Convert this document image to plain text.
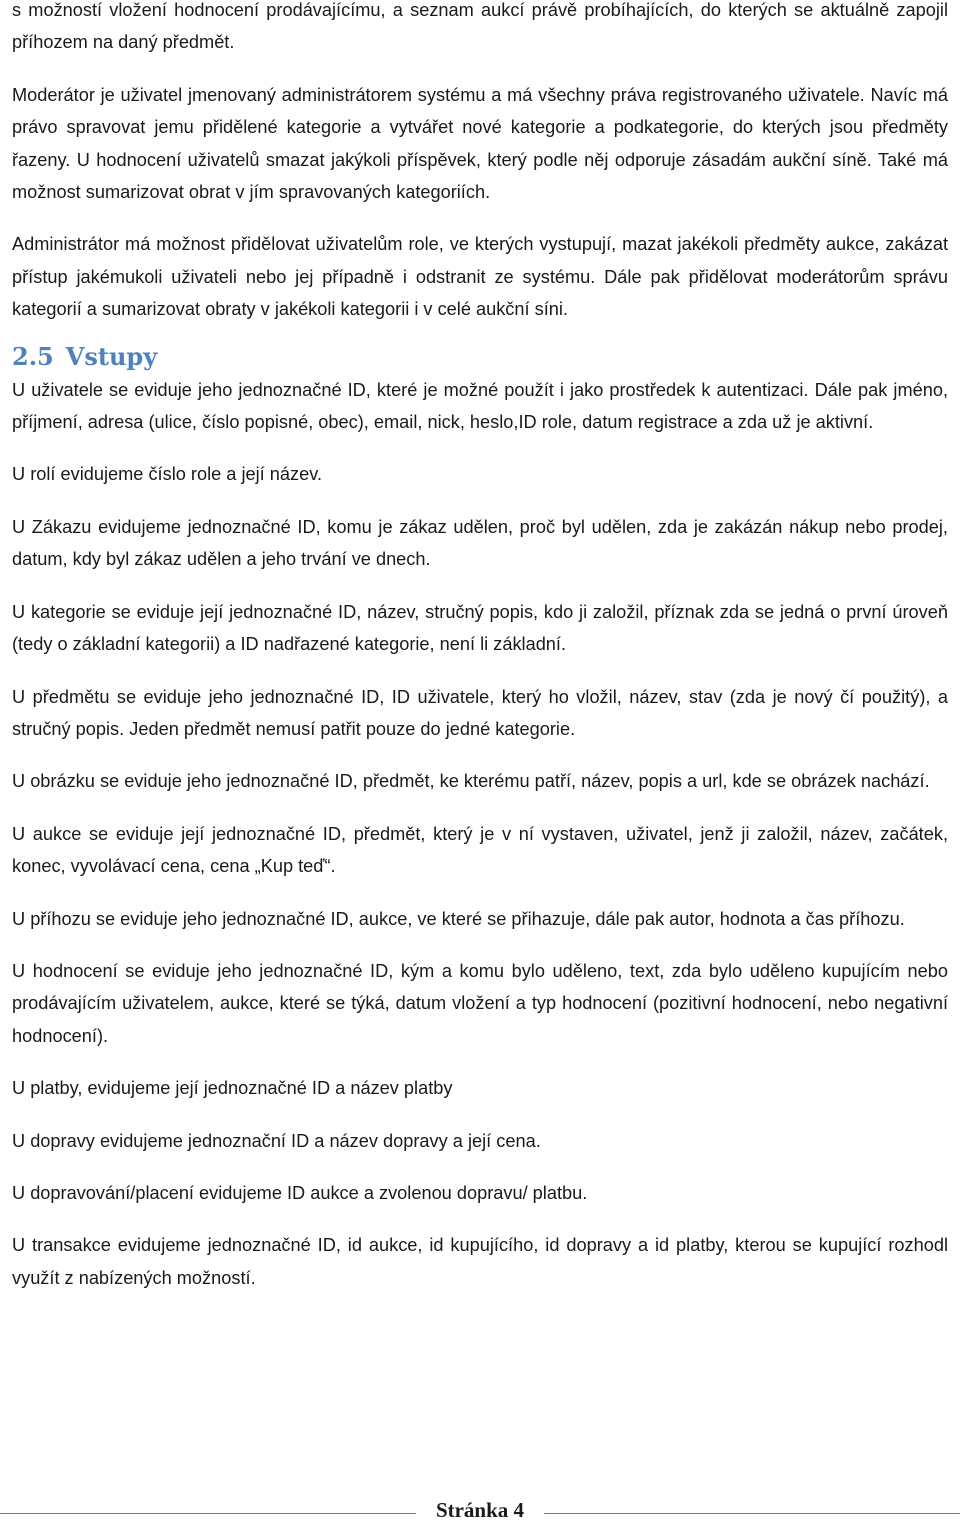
s možností vložení hodnocení prodávajícímu, a seznam aukcí právě probíhajících, do kterých se aktuálně zapojil příhozem na daný předmět.

Moderátor je uživatel jmenovaný administrátorem systému a má všechny práva registrovaného uživatele. Navíc má právo spravovat jemu přidělené kategorie a vytvářet nové kategorie a podkategorie, do kterých jsou předměty řazeny. U hodnocení uživatelů smazat jakýkoli příspěvek, který podle něj odporuje zásadám aukční síně. Také má možnost sumarizovat obrat v jím spravovaných kategoriích.

Administrátor má možnost přidělovat uživatelům role, ve kterých vystupují, mazat jakékoli předměty aukce, zakázat přístup jakémukoli uživateli nebo jej případně i odstranit ze systému. Dále pak přidělovat moderátorům správu kategorií a sumarizovat obraty v jakékoli kategorii i v celé aukční síni.

2.5 Vstupy

U uživatele se eviduje jeho jednoznačné ID, které je možné použít i jako prostředek k autentizaci. Dále pak jméno, příjmení, adresa (ulice, číslo popisné, obec), email, nick, heslo,ID role, datum registrace a zda už je aktivní.

U rolí evidujeme číslo role a její název.

U Zákazu evidujeme jednoznačné ID, komu je zákaz udělen, proč byl udělen, zda je zakázán nákup nebo prodej, datum, kdy byl zákaz udělen a jeho trvání ve dnech.

U kategorie se eviduje její jednoznačné ID, název, stručný popis, kdo ji založil, příznak zda se jedná o první úroveň (tedy o základní kategorii) a ID nadřazené kategorie, není li základní.

U předmětu se eviduje jeho jednoznačné ID, ID uživatele, který ho vložil, název, stav (zda je nový čí použitý), a stručný popis. Jeden předmět nemusí patřit pouze do jedné kategorie.

U obrázku se eviduje jeho jednoznačné ID, předmět, ke kterému patří, název, popis a url, kde se obrázek nachází.

U aukce se eviduje její jednoznačné ID, předmět, který je v ní vystaven, uživatel, jenž ji založil, název, začátek, konec, vyvolávací cena, cena „Kup teď“.

U příhozu se eviduje jeho jednoznačné ID, aukce, ve které se přihazuje, dále pak autor, hodnota a čas příhozu.

U hodnocení se eviduje jeho jednoznačné ID, kým a komu bylo uděleno, text, zda bylo uděleno kupujícím nebo prodávajícím uživatelem, aukce, které se týká, datum vložení a typ hodnocení (pozitivní hodnocení, nebo negativní hodnocení).

U platby, evidujeme její jednoznačné ID a název platby

U dopravy evidujeme jednoznační ID a název dopravy a její cena.

U dopravování/placení evidujeme ID aukce a zvolenou dopravu/ platbu.

U transakce evidujeme jednoznačné ID, id aukce, id kupujícího, id dopravy a id platby, kterou se kupující rozhodl využít z nabízených možností.

Stránka 4
